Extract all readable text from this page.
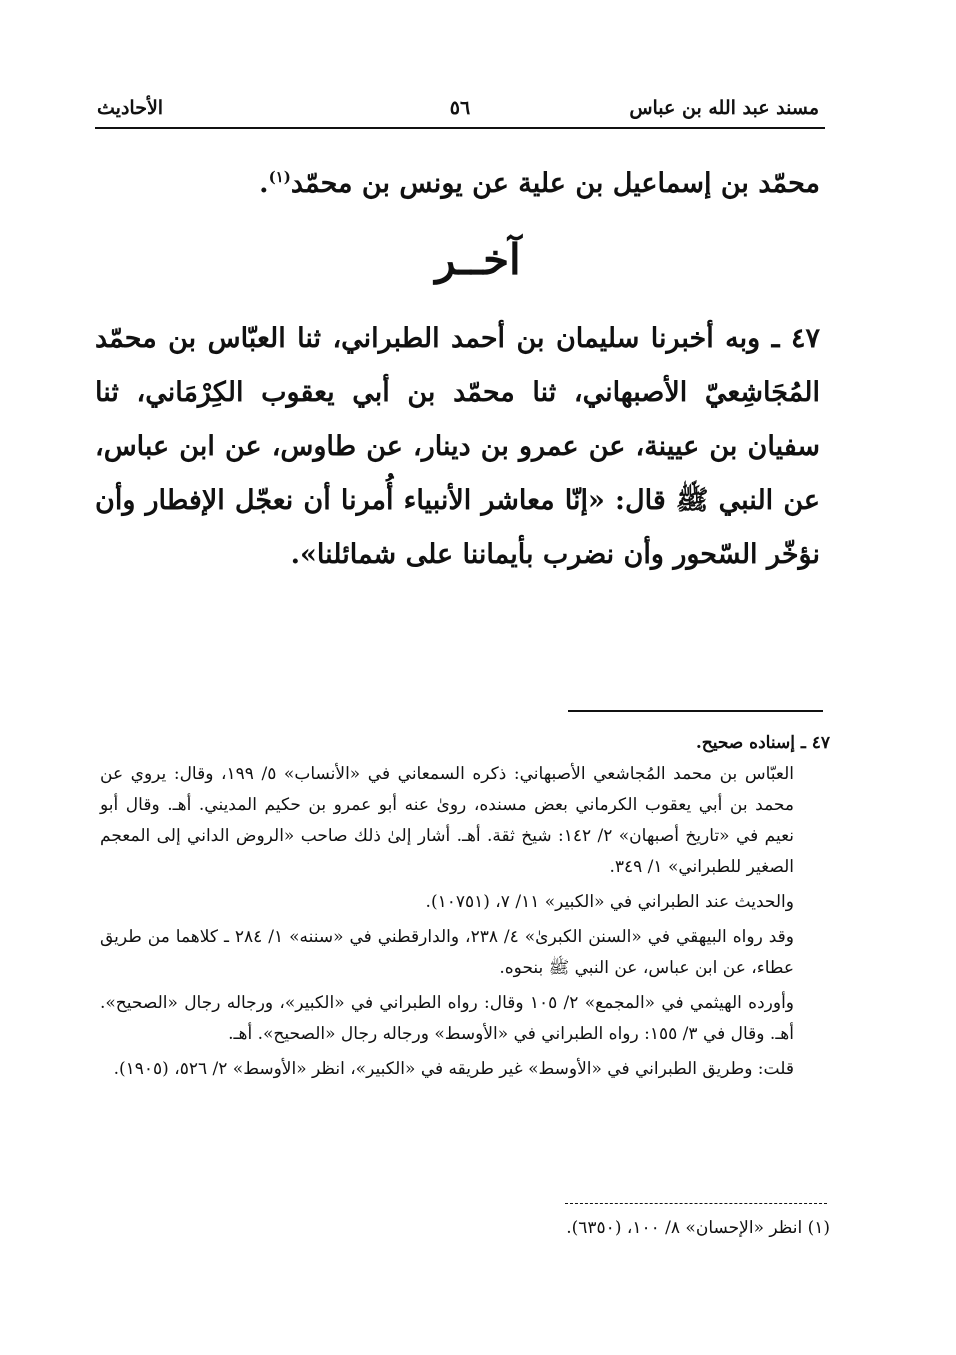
مسند عبد الله بن عباس
٥٦
الأحاديث
محمّد بن إسماعيل بن علية عن يونس بن محمّد$^{(١)}$.
آخــر
٤٧ ـ وبه أخبرنا سليمان بن أحمد الطبراني، ثنا العبّاس بن محمّد المُجَاشِعيّ الأصبهاني، ثنا محمّد بن أبي يعقوب الكِرْمَاني، ثنا سفيان بن عيينة، عن عمرو بن دينار، عن طاوس، عن ابن عباس، عن النبي ﷺ قال: «إنّا معاشر الأنبياء أُمرنا أن نعجّل الإفطار وأن نؤخّر السّحور وأن نضرب بأيماننا على شمائلنا».
٤٧ ـ إسناده صحيح.

العبّاس بن محمد المُجاشعي الأصبهاني: ذكره السمعاني في «الأنساب» ٥/ ١٩٩، وقال: يروي عن محمد بن أبي يعقوب الكرماني بعض مسنده، روىٰ عنه أبو عمرو بن حكيم المديني. أهـ. وقال أبو نعيم في «تاريخ أصبهان» ٢/ ١٤٢: شيخ ثقة. أهـ. أشار إلىٰ ذلك صاحب «الروض الداني إلى المعجم الصغير للطبراني» ١/ ٣٤٩.

والحديث عند الطبراني في «الكبير» ١١/ ٧، (١٠٧٥١).

وقد رواه البيهقي في «السنن الكبرىٰ» ٤/ ٢٣٨، والدارقطني في «سننه» ١/ ٢٨٤ ـ كلاهما من طريق عطاء، عن ابن عباس، عن النبي ﷺ بنحوه.

وأورده الهيثمي في «المجمع» ٢/ ١٠٥ وقال: رواه الطبراني في «الكبير»، ورجاله رجال «الصحيح». أهـ. وقال في ٣/ ١٥٥: رواه الطبراني في «الأوسط» ورجاله رجال «الصحيح». أهـ.

قلت: وطريق الطبراني في «الأوسط» غير طريقه في «الكبير»، انظر «الأوسط» ٢/ ٥٢٦، (١٩٠٥).

(١) انظر «الإحسان» ٨/ ١٠٠، (٦٣٥٠).
